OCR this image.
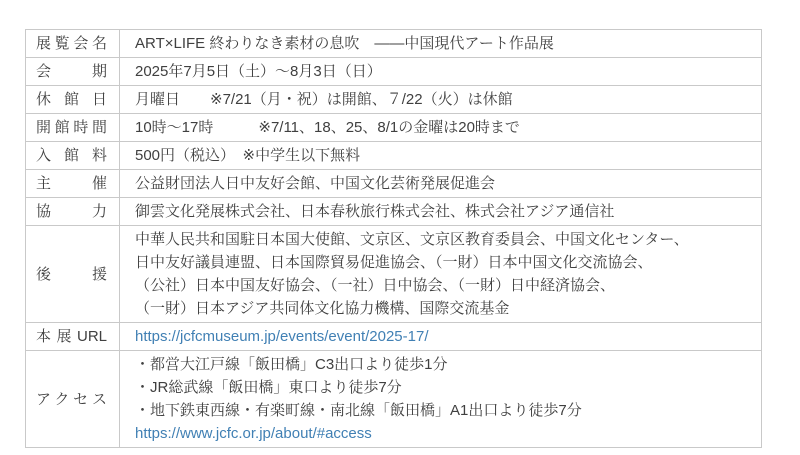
展覧会名	ART×LIFE 終わりなき素材の息吹　――中国現代アート作品展

会期	2025年7月5日（土）〜8月3日（日）

休館日	月曜日　　※7/21（月・祝）は開館、７/22（火）は休館

開館時間	10時〜17時　　　※7/11、18、25、8/1の金曜は20時まで

入館料	500円（税込）　※中学生以下無料

主催	公益財団法人日中友好会館、中国文化芸術発展促進会

協力	御雲文化発展株式会社、日本春秋旅行株式会社、株式会社アジア通信社

後援	中華人民共和国駐日本国大使館、文京区、文京区教育委員会、中国文化センター、
日中友好議員連盟、日本国際貿易促進協会、（一財）日本中国文化交流協会、
（公社）日本中国友好協会、（一社）日中協会、（一財）日中経済協会、
（一財）日本アジア共同体文化協力機構、国際交流基金

本展URL	https://jcfcmuseum.jp/events/event/2025-17/

アクセス	・都営大江戸線「飯田橋」C3出口より徒歩1分
・JR総武線「飯田橋」東口より徒歩7分
・地下鉄東西線・有楽町線・南北線「飯田橋」A1出口より徒歩7分
https://www.jcfc.or.jp/about/#access
